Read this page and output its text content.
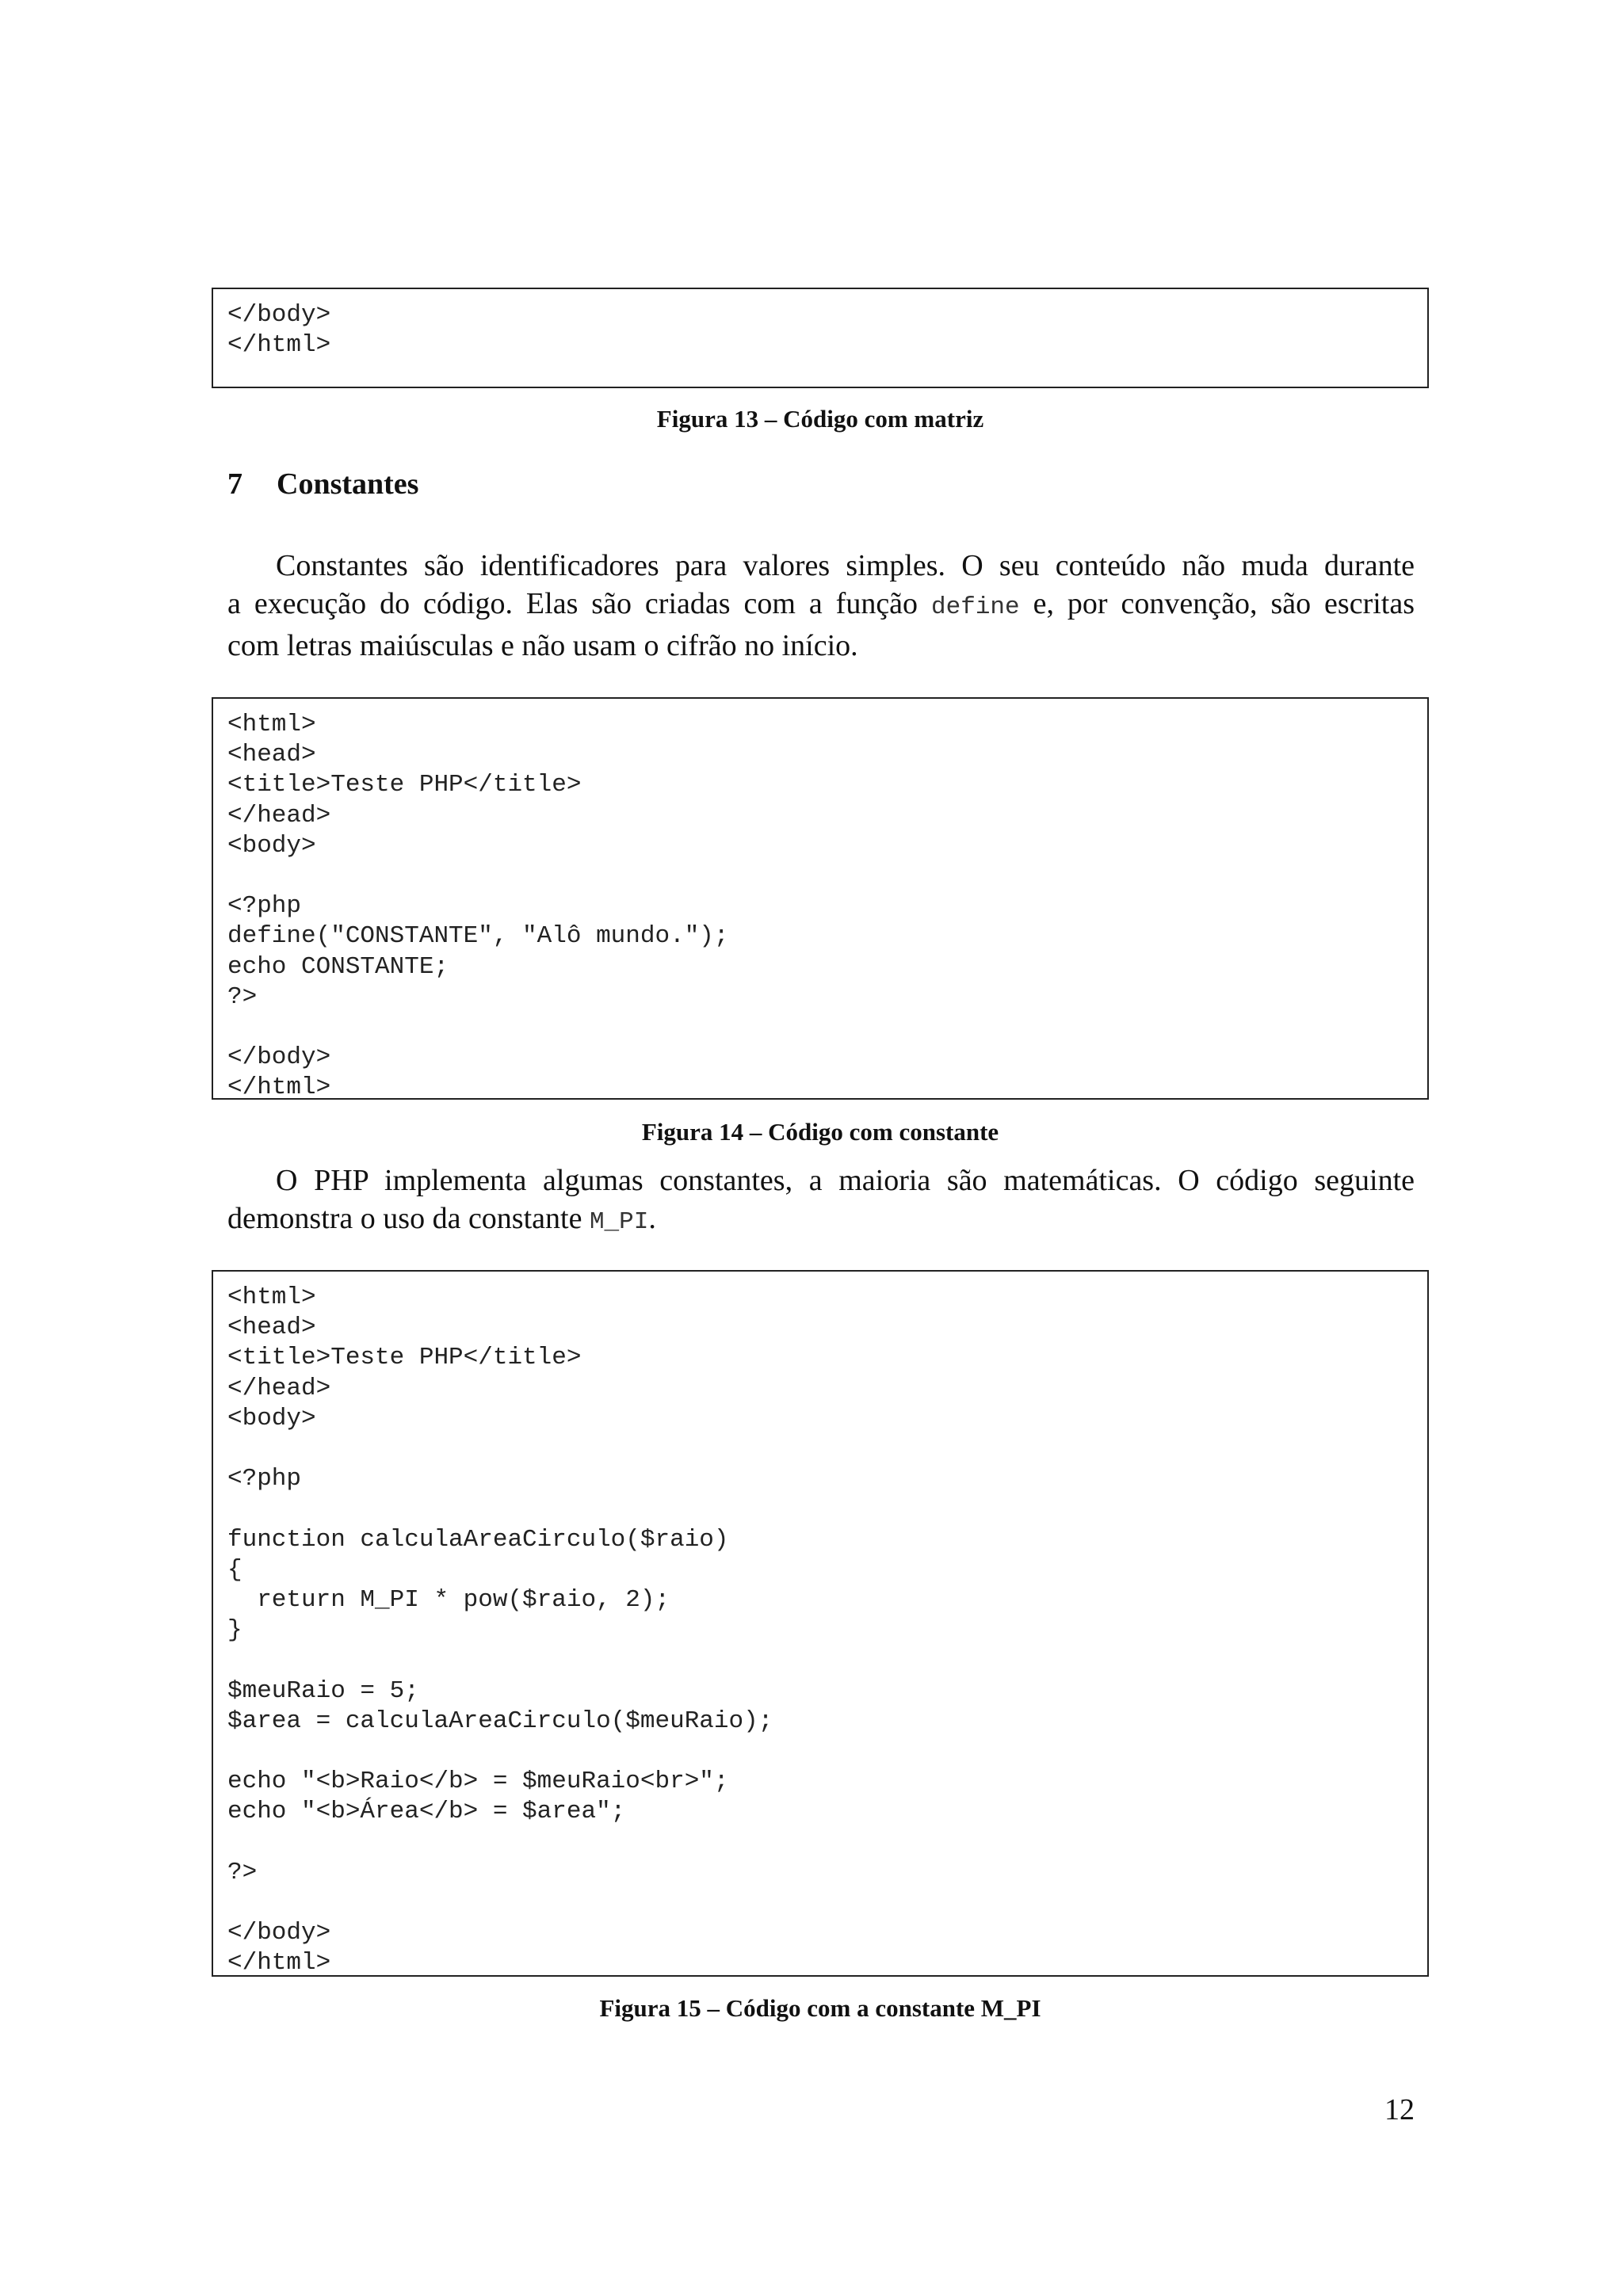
</body>
</html>
Figura 13 – Código com matriz
7 Constantes
Constantes são identificadores para valores simples. O seu conteúdo não muda durante
a execução do código. Elas são criadas com a função define e, por convenção, são escritas
com letras maiúsculas e não usam o cifrão no início.
<html>
<head>
<title>Teste PHP</title>
</head>
<body>

<?php
define("CONSTANTE", "Alô mundo.");
echo CONSTANTE;
?>

</body>
</html>
Figura 14 – Código com constante
O PHP implementa algumas constantes, a maioria são matemáticas. O código seguinte
demonstra o uso da constante M_PI.
<html>
<head>
<title>Teste PHP</title>
</head>
<body>

<?php

function calculaAreaCirculo($raio)
{
return M_PI * pow($raio, 2);
}

$meuRaio = 5;
$area = calculaAreaCirculo($meuRaio);

echo "<b>Raio</b> = $meuRaio<br>";
echo "<b>Área</b> = $area";

?>

</body>
</html>
Figura 15 – Código com a constante M_PI
12
